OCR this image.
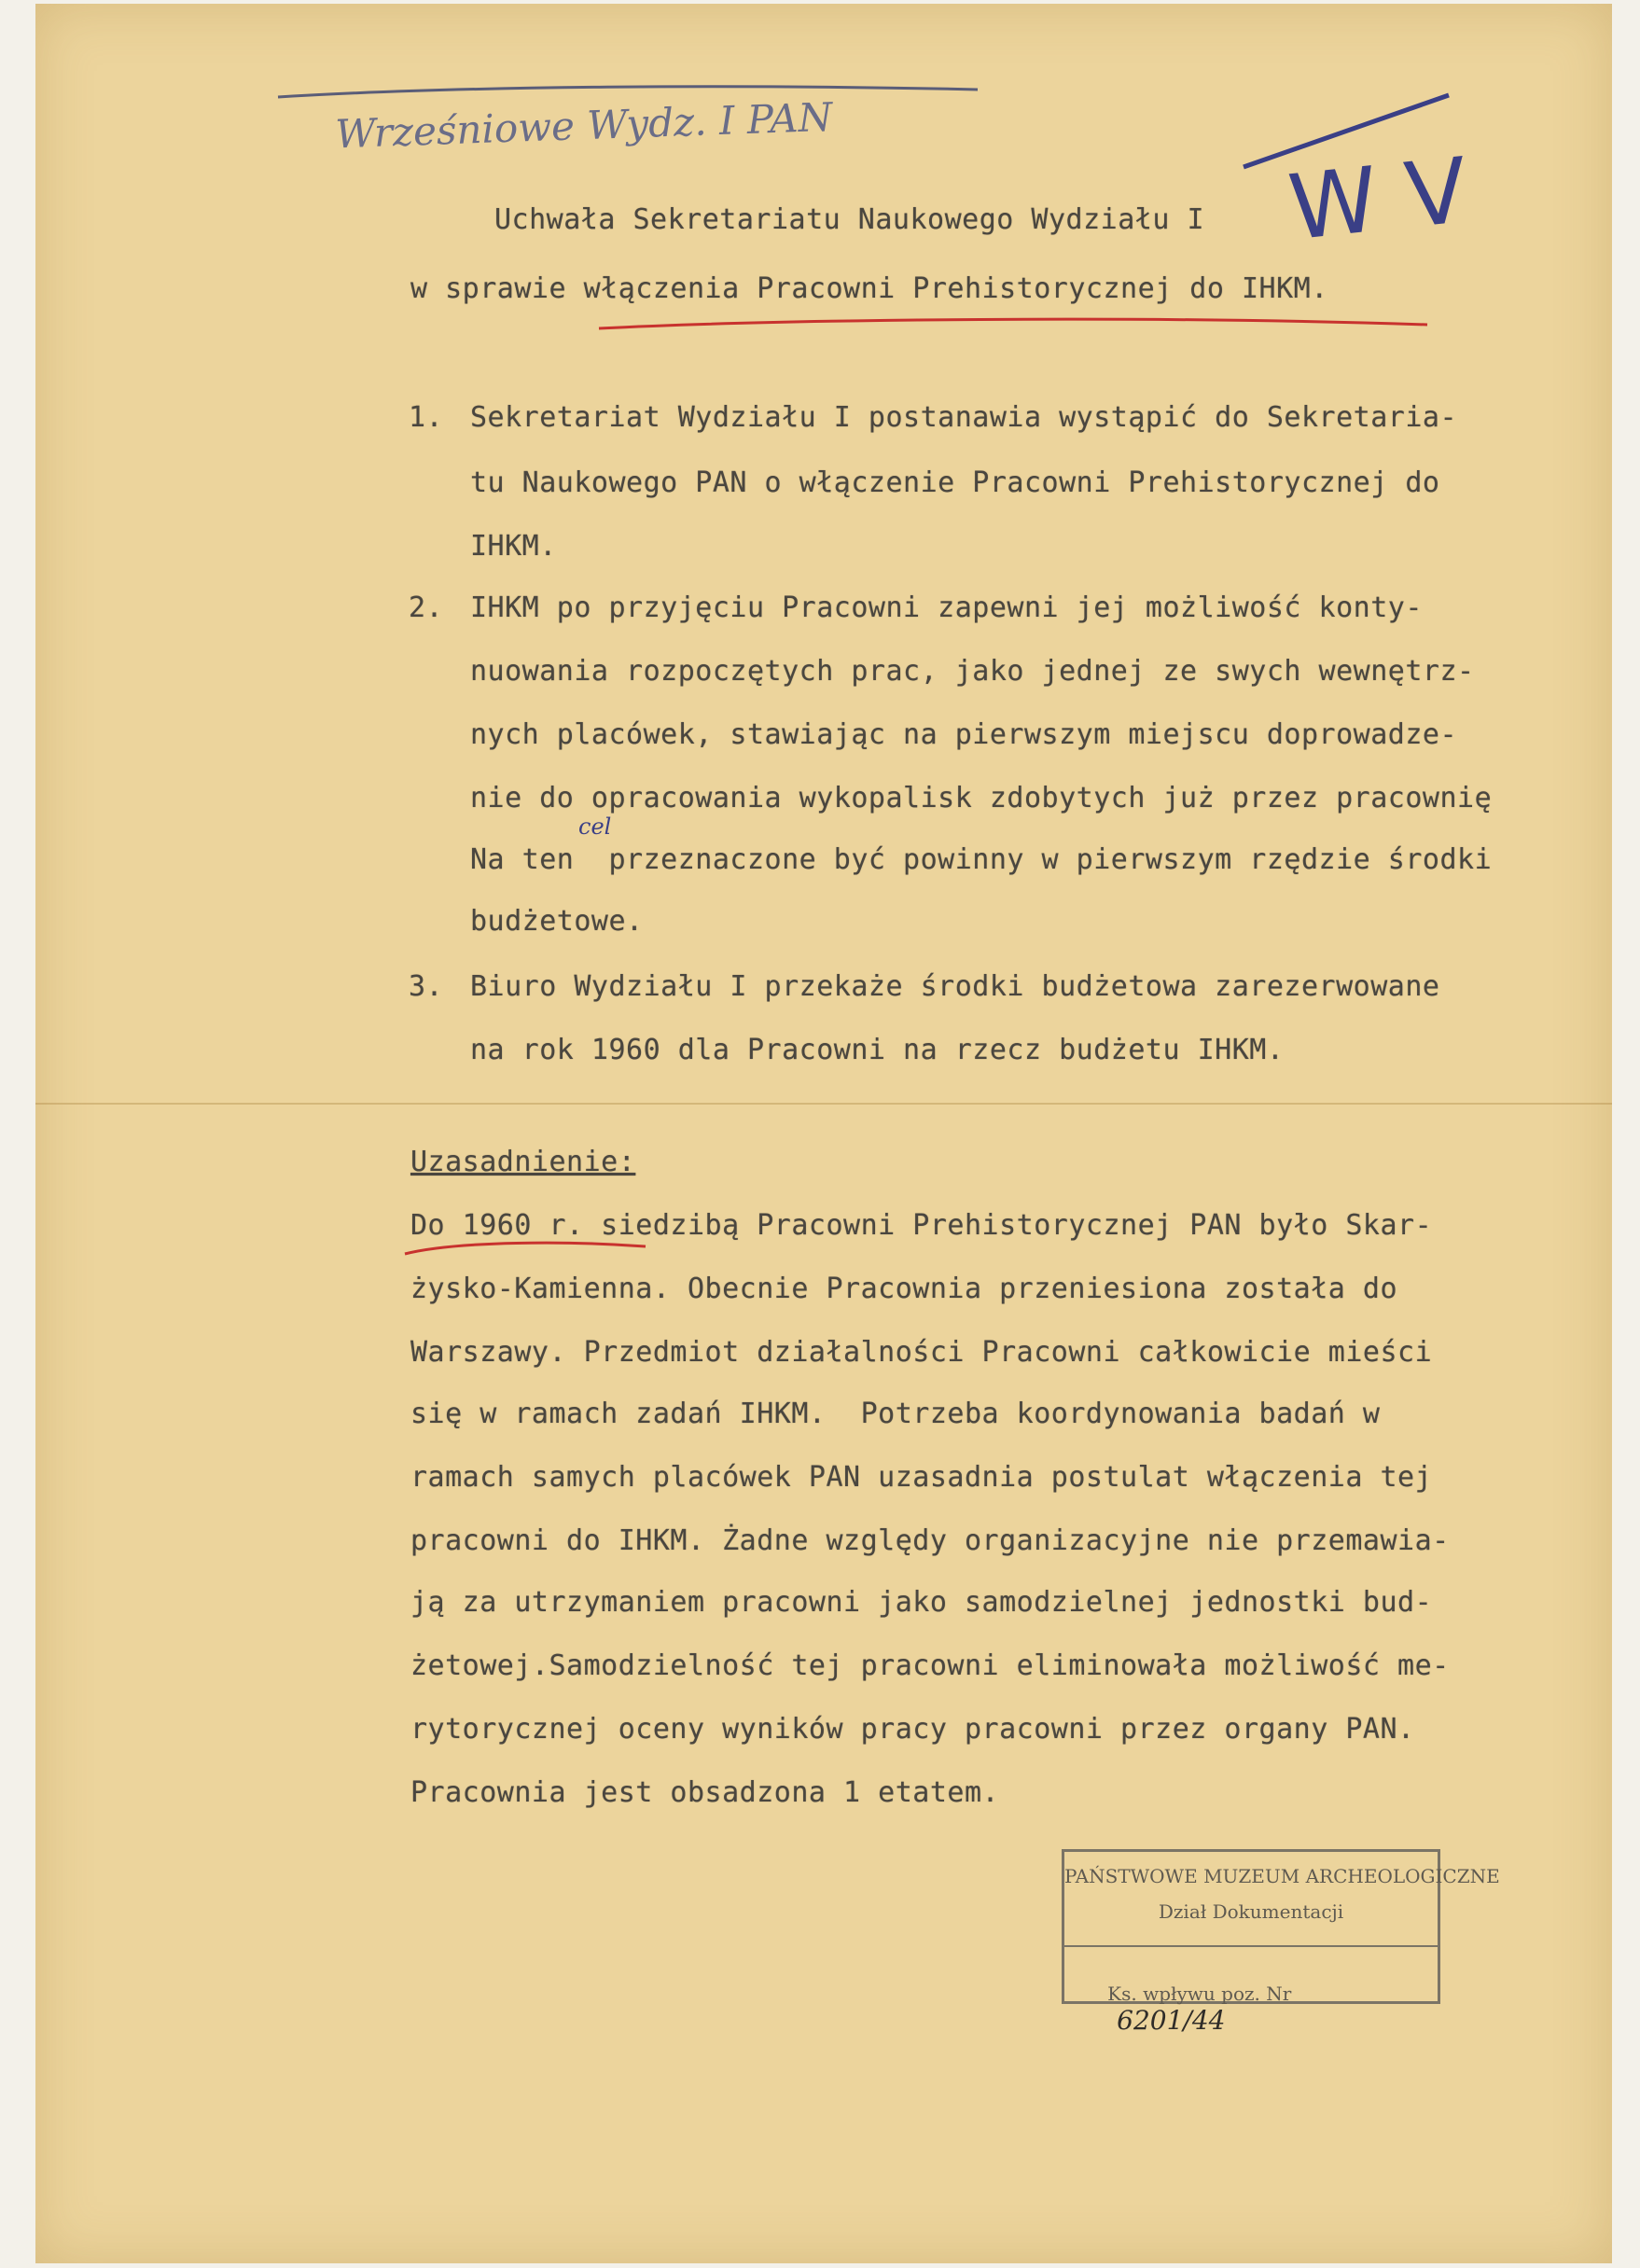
Wrześniowe Wydz. I PAN

W V

Uchwała Sekretariatu Naukowego Wydziału I
w sprawie włączenia Pracowni Prehistorycznej do IHKM.
1. Sekretariat Wydziału I postanawia wystąpić do Sekretaria-
tu Naukowego PAN o włączenie Pracowni Prehistorycznej do
IHKM.
2. IHKM po przyjęciu Pracowni zapewni jej możliwość konty-
nuowania rozpoczętych prac, jako jednej ze swych wewnętrz-
nych placówek, stawiając na pierwszym miejscu doprowadze-
nie do opracowania wykopalisk zdobytych już przez pracownię
Na ten  przeznaczone być powinny w pierwszym rzędzie środki
cel
budżetowe.
3. Biuro Wydziału I przekaże środki budżetowa zarezerwowane
na rok 1960 dla Pracowni na rzecz budżetu IHKM.
Uzasadnienie:
Do 1960 r. siedzibą Pracowni Prehistorycznej PAN było Skar-
żysko-Kamienna. Obecnie Pracownia przeniesiona została do
Warszawy. Przedmiot działalności Pracowni całkowicie mieści
się w ramach zadań IHKM.  Potrzeba koordynowania badań w
ramach samych placówek PAN uzasadnia postulat włączenia tej
pracowni do IHKM. Żadne względy organizacyjne nie przemawia-
ją za utrzymaniem pracowni jako samodzielnej jednostki bud-
żetowej.Samodzielność tej pracowni eliminowała możliwość me-
rytorycznej oceny wyników pracy pracowni przez organy PAN.
Pracownia jest obsadzona 1 etatem.
PAŃSTWOWE MUZEUM ARCHEOLOGICZNE
Dział Dokumentacji

Ks. wpływu poz. Nr
6201/44
